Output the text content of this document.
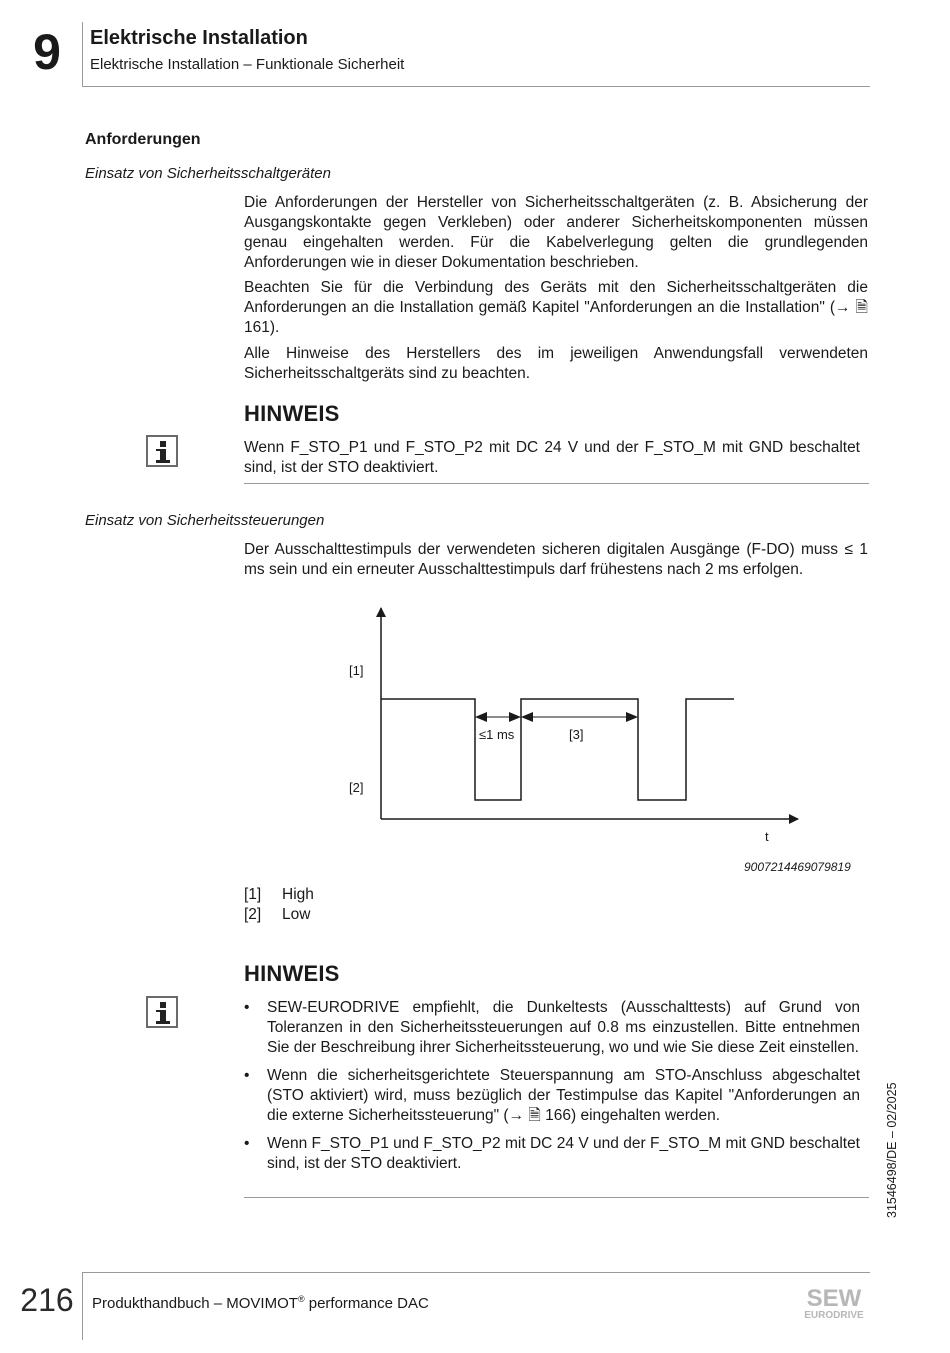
9	Elektrische Installation
Elektrische Installation – Funktionale Sicherheit
Anforderungen
Einsatz von Sicherheitsschaltgeräten
Die Anforderungen der Hersteller von Sicherheitsschaltgeräten (z. B. Absicherung der Ausgangskontakte gegen Verkleben) oder anderer Sicherheitskomponenten müssen genau eingehalten werden. Für die Kabelverlegung gelten die grundlegenden Anforderungen wie in dieser Dokumentation beschrieben.
Beachten Sie für die Verbindung des Geräts mit den Sicherheitsschaltgeräten die Anforderungen an die Installation gemäß Kapitel "Anforderungen an die Installation" (→ 🗎 161).
Alle Hinweise des Herstellers des im jeweiligen Anwendungsfall verwendeten Sicherheitsschaltgeräts sind zu beachten.
HINWEIS
Wenn F_STO_P1 und F_STO_P2 mit DC 24 V und der F_STO_M mit GND beschaltet sind, ist der STO deaktiviert.
Einsatz von Sicherheitssteuerungen
Der Ausschalttestimpuls der verwendeten sicheren digitalen Ausgänge (F-DO) muss ≤ 1 ms sein und ein erneuter Ausschalttestimpuls darf frühestens nach 2 ms erfolgen.
[1]
[2]
≤1 ms	[3]
t
9007214469079819
[1] High
[2] Low
HINWEIS
• SEW-EURODRIVE empfiehlt, die Dunkeltests (Ausschalttests) auf Grund von Toleranzen in den Sicherheitssteuerungen auf 0.8 ms einzustellen. Bitte entnehmen Sie der Beschreibung ihrer Sicherheitssteuerung, wo und wie Sie diese Zeit einstellen.
• Wenn die sicherheitsgerichtete Steuerspannung am STO-Anschluss abgeschaltet (STO aktiviert) wird, muss bezüglich der Testimpulse das Kapitel "Anforderungen an die externe Sicherheitssteuerung" (→ 🗎 166) eingehalten werden.
• Wenn F_STO_P1 und F_STO_P2 mit DC 24 V und der F_STO_M mit GND beschaltet sind, ist der STO deaktiviert.	31546498/DE – 02/2025
216 Produkthandbuch – MOVIMOT® performance DAC	SEW
EURODRIVE
